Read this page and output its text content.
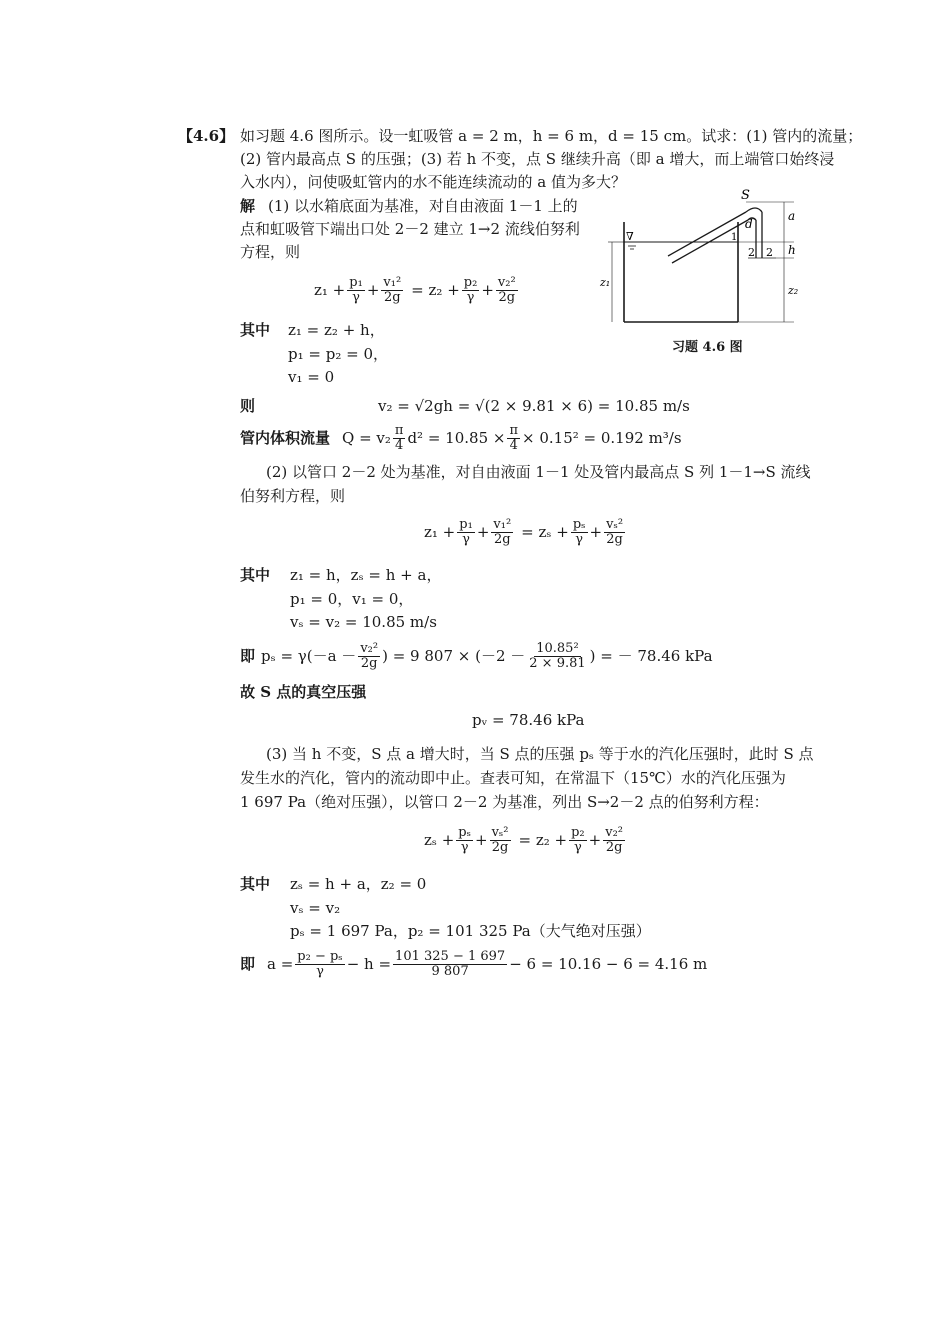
【4.6】 如习题 4.6 图所示。设一虹吸管 a = 2 m，h = 6 m，d = 15 cm。试求：(1) 管内的流量；
(2) 管内最高点 S 的压强；(3) 若 h 不变，点 S 继续升高（即 a 增大，而上端管口始终浸
入水内），问使吸虹管内的水不能连续流动的 a 值为多大？
解 (1) 以水箱底面为基准，对自由液面 1－1 上的
点和虹吸管下端出口处 2－2 建立 1→2 流线伯努利
方程，则
$z_1 + \frac{\text{p₁}}{\gamma} + \frac{\text{v₁²}}{2g} = z_2 + \frac{\text{p₂}}{\gamma} + \frac{\text{v₂²}}{2g}$
其中 z₁ = z₂ + h，
p₁ = p₂ = 0，
v₁ = 0
则	v₂ = √2gh = √(2 × 9.81 × 6) = 10.85 m/s
管内体积流量 $Q = v_2 \frac{\pi}{4} d^2 = 10.85 \times \frac{\pi}{4} \times 0.15^2 = 0.192$ m³/s
(2) 以管口 2－2 处为基准，对自由液面 1－1 处及管内最高点 S 列 1－1→S 流线
伯努利方程，则
$z_1 + \frac{\text{p₁}}{\gamma} + \frac{\text{v₁²}}{2g} = z_s + \frac{\text{pₛ}}{\gamma} + \frac{\text{vₛ²}}{2g}$
其中 z₁ = h，zₛ = h + a，
p₁ = 0，v₁ = 0，
vₛ = v₂ = 10.85 m/s
即 $p_s = \gamma(-a - \frac{\text{v₂²}}{2g}$ ) = 9 $807 \times (-2 - \frac{\text{10.85²}}{2 \times 9.81}$ ) = － 78.46 kPa
故 S 点的真空压强
pᵥ = 78.46 kPa
(3) 当 h 不变，S 点 a 增大时，当 S 点的压强 pₛ 等于水的汽化压强时，此时 S 点
发生水的汽化，管内的流动即中止。查表可知，在常温下（15℃）水的汽化压强为
1 697 Pa（绝对压强），以管口 2－2 为基准，列出 S→2－2 点的伯努利方程：
$z_s + \frac{\text{pₛ}}{\gamma} + \frac{\text{vₛ²}}{2g} = z_2 + \frac{\text{p₂}}{\gamma} + \frac{\text{v₂²}}{2g}$
其中 zₛ = h + a，z₂ = 0
vₛ = v₂
pₛ = 1 697 Pa，p₂ = 101 325 Pa（大气绝对压强）
即 $a = \frac{\text{p₂ − pₛ}}{\gamma} - h = \frac{101 325 - 1 697}{9 807} - 6 = 10.16 - 6 = 4.16$ m
∇
S
d
a
h
1
2 2
z₁
z₂
习题 4.6 图
